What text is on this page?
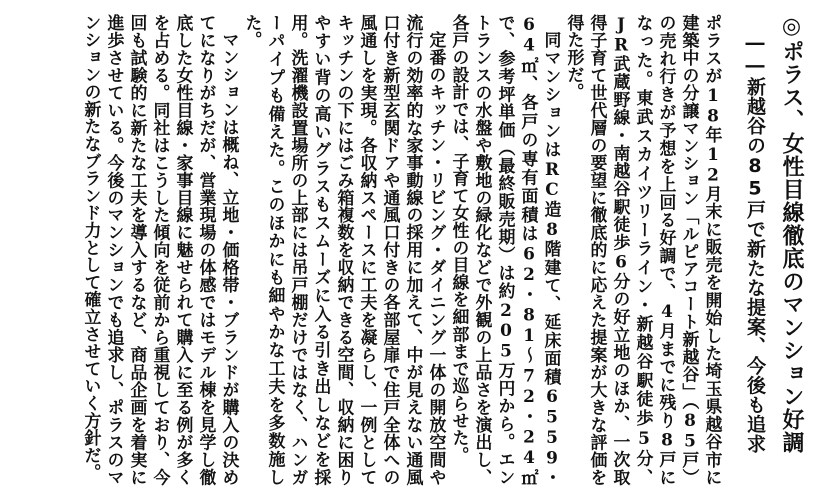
◎ポラス、女性目線徹底のマンション好調
――新越谷の85戸で新たな提案、今後も追求

ポラスが18年12月末に販売を開始した埼玉県越谷市に建築中の分譲マンション「ルピアコート新越谷」（85戸）の売れ行きが予想を上回る好調で、4月までに残り8戸になった。東武スカイツリーライン・新越谷駅徒歩5分、JR武蔵野線・南越谷駅徒歩6分の好立地のほか、一次取得子育て世代層の要望に徹底的に応えた提案が大きな評価を得た形だ。

同マンションはRC造8階建て、延床面積6559・64㎡、各戸の専有面積は62・81～72・24㎡で、参考坪単価（最終販売期）は約205万円から。エントランスの水盤や敷地の緑化などで外観の上品さを演出し、各戸の設計では、子育て女性の目線を細部まで巡らせた。

定番のキッチン・リビング・ダイニング一体の開放空間や流行の効率的な家事動線の採用に加えて、中が見えない通風口付き新型玄関ドアや通風口付きの各部屋扉で住戸全体への風通しを実現。各収納スペースに工夫を凝らし、一例としてキッチンの下にはごみ箱複数を収納できる空間、収納に困りやすい背の高いグラスもスムーズに入る引き出しなどを採用。洗濯機設置場所の上部には吊戸棚だけではなく、ハンガーパイプも備えた。このほかにも細やかな工夫を多数施した。

マンションは概ね、立地・価格帯・ブランドが購入の決めてになりがちだが、営業現場の体感ではモデル棟を見学し徹底した女性目線・家事目線に魅せられて購入に至る例が多くを占める。同社はこうした傾向を従前から重視しており、今回も試験的に新たな工夫を導入するなど、商品企画を着実に進歩させている。今後のマンションでも追求し、ポラスのマンションの新たなブランド力として確立させていく方針だ。
